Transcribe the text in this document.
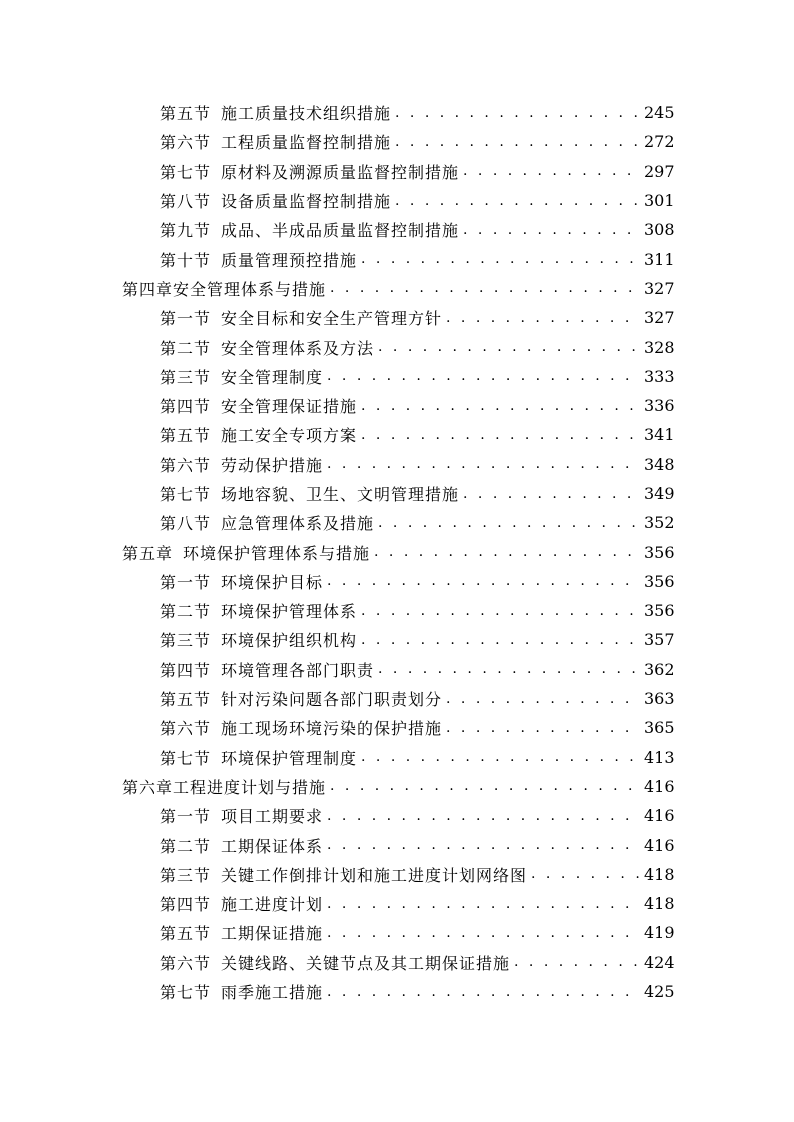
第五节 施工质量技术组织措施 . . .	245
第六节 工程质量监督控制措施 . . .	272
第七节 原材料及溯源质量监督控制措施 . . .	297
第八节 设备质量监督控制措施 . . .	301
第九节 成品、半成品质量监督控制措施 . . .	308
第十节 质量管理预控措施 . . .	311
第四章安全管理体系与措施 . . .	327
第一节 安全目标和安全生产管理方针 . . .	327
第二节 安全管理体系及方法 . . .	328
第三节 安全管理制度 . . .	333
第四节 安全管理保证措施 . . .	336
第五节 施工安全专项方案 . . .	341
第六节 劳动保护措施 . . .	348
第七节 场地容貌、卫生、文明管理措施 . . .	349
第八节 应急管理体系及措施 . . .	352
第五章 环境保护管理体系与措施 . . .	356
第一节 环境保护目标 . . .	356
第二节 环境保护管理体系 . . .	356
第三节 环境保护组织机构 . . .	357
第四节 环境管理各部门职责 . . .	362
第五节 针对污染问题各部门职责划分 . . .	363
第六节 施工现场环境污染的保护措施 . . .	365
第七节 环境保护管理制度 . . .	413
第六章工程进度计划与措施 . . .	416
第一节 项目工期要求 . . .	416
第二节 工期保证体系 . . .	416
第三节 关键工作倒排计划和施工进度计划网络图 . . .	418
第四节 施工进度计划 . . .	418
第五节 工期保证措施 . . .	419
第六节 关键线路、关键节点及其工期保证措施 . . .	424
第七节 雨季施工措施 . . .	425
